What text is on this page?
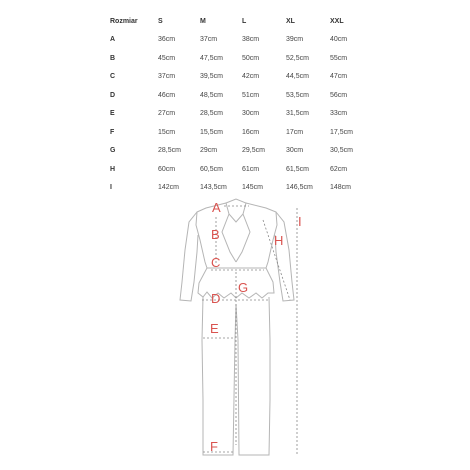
Rozmiar	S	M	L	XL	XXL
A	36cm	37cm	38cm	39cm	40cm
B	45cm	47,5cm	50cm	52,5cm	55cm
C	37cm	39,5cm	42cm	44,5cm	47cm
D	46cm	48,5cm	51cm	53,5cm	56cm
E	27cm	28,5cm	30cm	31,5cm	33cm
F	15cm	15,5cm	16cm	17cm	17,5cm
G	28,5cm	29cm	29,5cm	30cm	30,5cm
H	60cm	60,5cm	61cm	61,5cm	62cm
I	142cm	143,5cm	145cm	146,5cm	148cm
A
B
C
D
E
F
G
H
I
